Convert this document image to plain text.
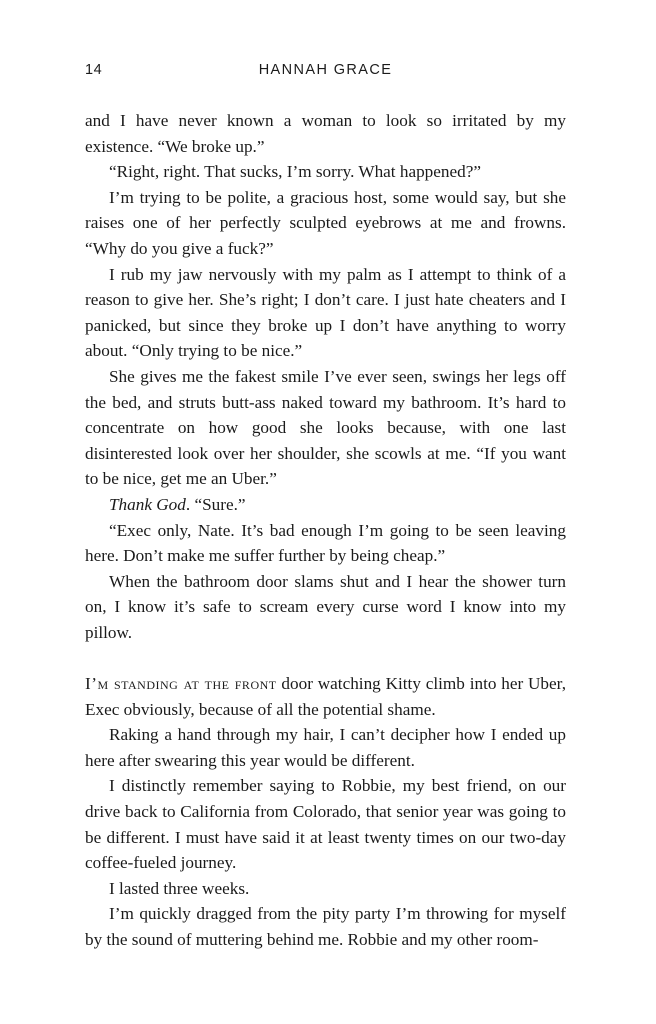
14	HANNAH GRACE

and I have never known a woman to look so irritated by my existence. “We broke up.”

“Right, right. That sucks, I’m sorry. What happened?”

I’m trying to be polite, a gracious host, some would say, but she raises one of her perfectly sculpted eyebrows at me and frowns. “Why do you give a fuck?”

I rub my jaw nervously with my palm as I attempt to think of a reason to give her. She’s right; I don’t care. I just hate cheaters and I panicked, but since they broke up I don’t have anything to worry about. “Only trying to be nice.”

She gives me the fakest smile I’ve ever seen, swings her legs off the bed, and struts butt-ass naked toward my bathroom. It’s hard to concentrate on how good she looks because, with one last disinterested look over her shoulder, she scowls at me. “If you want to be nice, get me an Uber.”

Thank God. “Sure.”

“Exec only, Nate. It’s bad enough I’m going to be seen leaving here. Don’t make me suffer further by being cheap.”

When the bathroom door slams shut and I hear the shower turn on, I know it’s safe to scream every curse word I know into my pillow.

I’m standing at the front door watching Kitty climb into her Uber, Exec obviously, because of all the potential shame.

Raking a hand through my hair, I can’t decipher how I ended up here after swearing this year would be different.

I distinctly remember saying to Robbie, my best friend, on our drive back to California from Colorado, that senior year was going to be different. I must have said it at least twenty times on our two-day coffee-fueled journey.

I lasted three weeks.

I’m quickly dragged from the pity party I’m throwing for myself by the sound of muttering behind me. Robbie and my other room-
